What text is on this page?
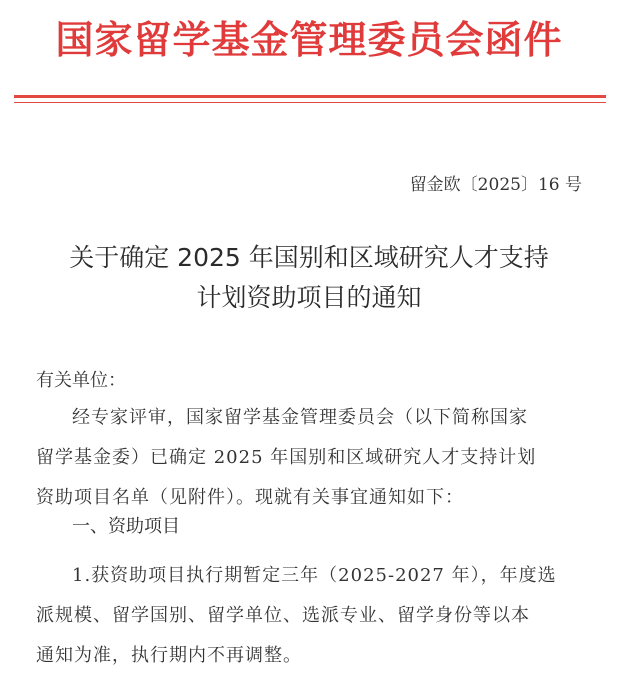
国家留学基金管理委员会函件
留金欧〔2025〕16 号
关于确定 2025 年国别和区域研究人才支持
计划资助项目的通知
有关单位：
经专家评审，国家留学基金管理委员会（以下简称国家
留学基金委）已确定 2025 年国别和区域研究人才支持计划
资助项目名单（见附件）。现就有关事宜通知如下：
一、资助项目
1.获资助项目执行期暂定三年（2025-2027 年），年度选
派规模、留学国别、留学单位、选派专业、留学身份等以本
通知为准，执行期内不再调整。
